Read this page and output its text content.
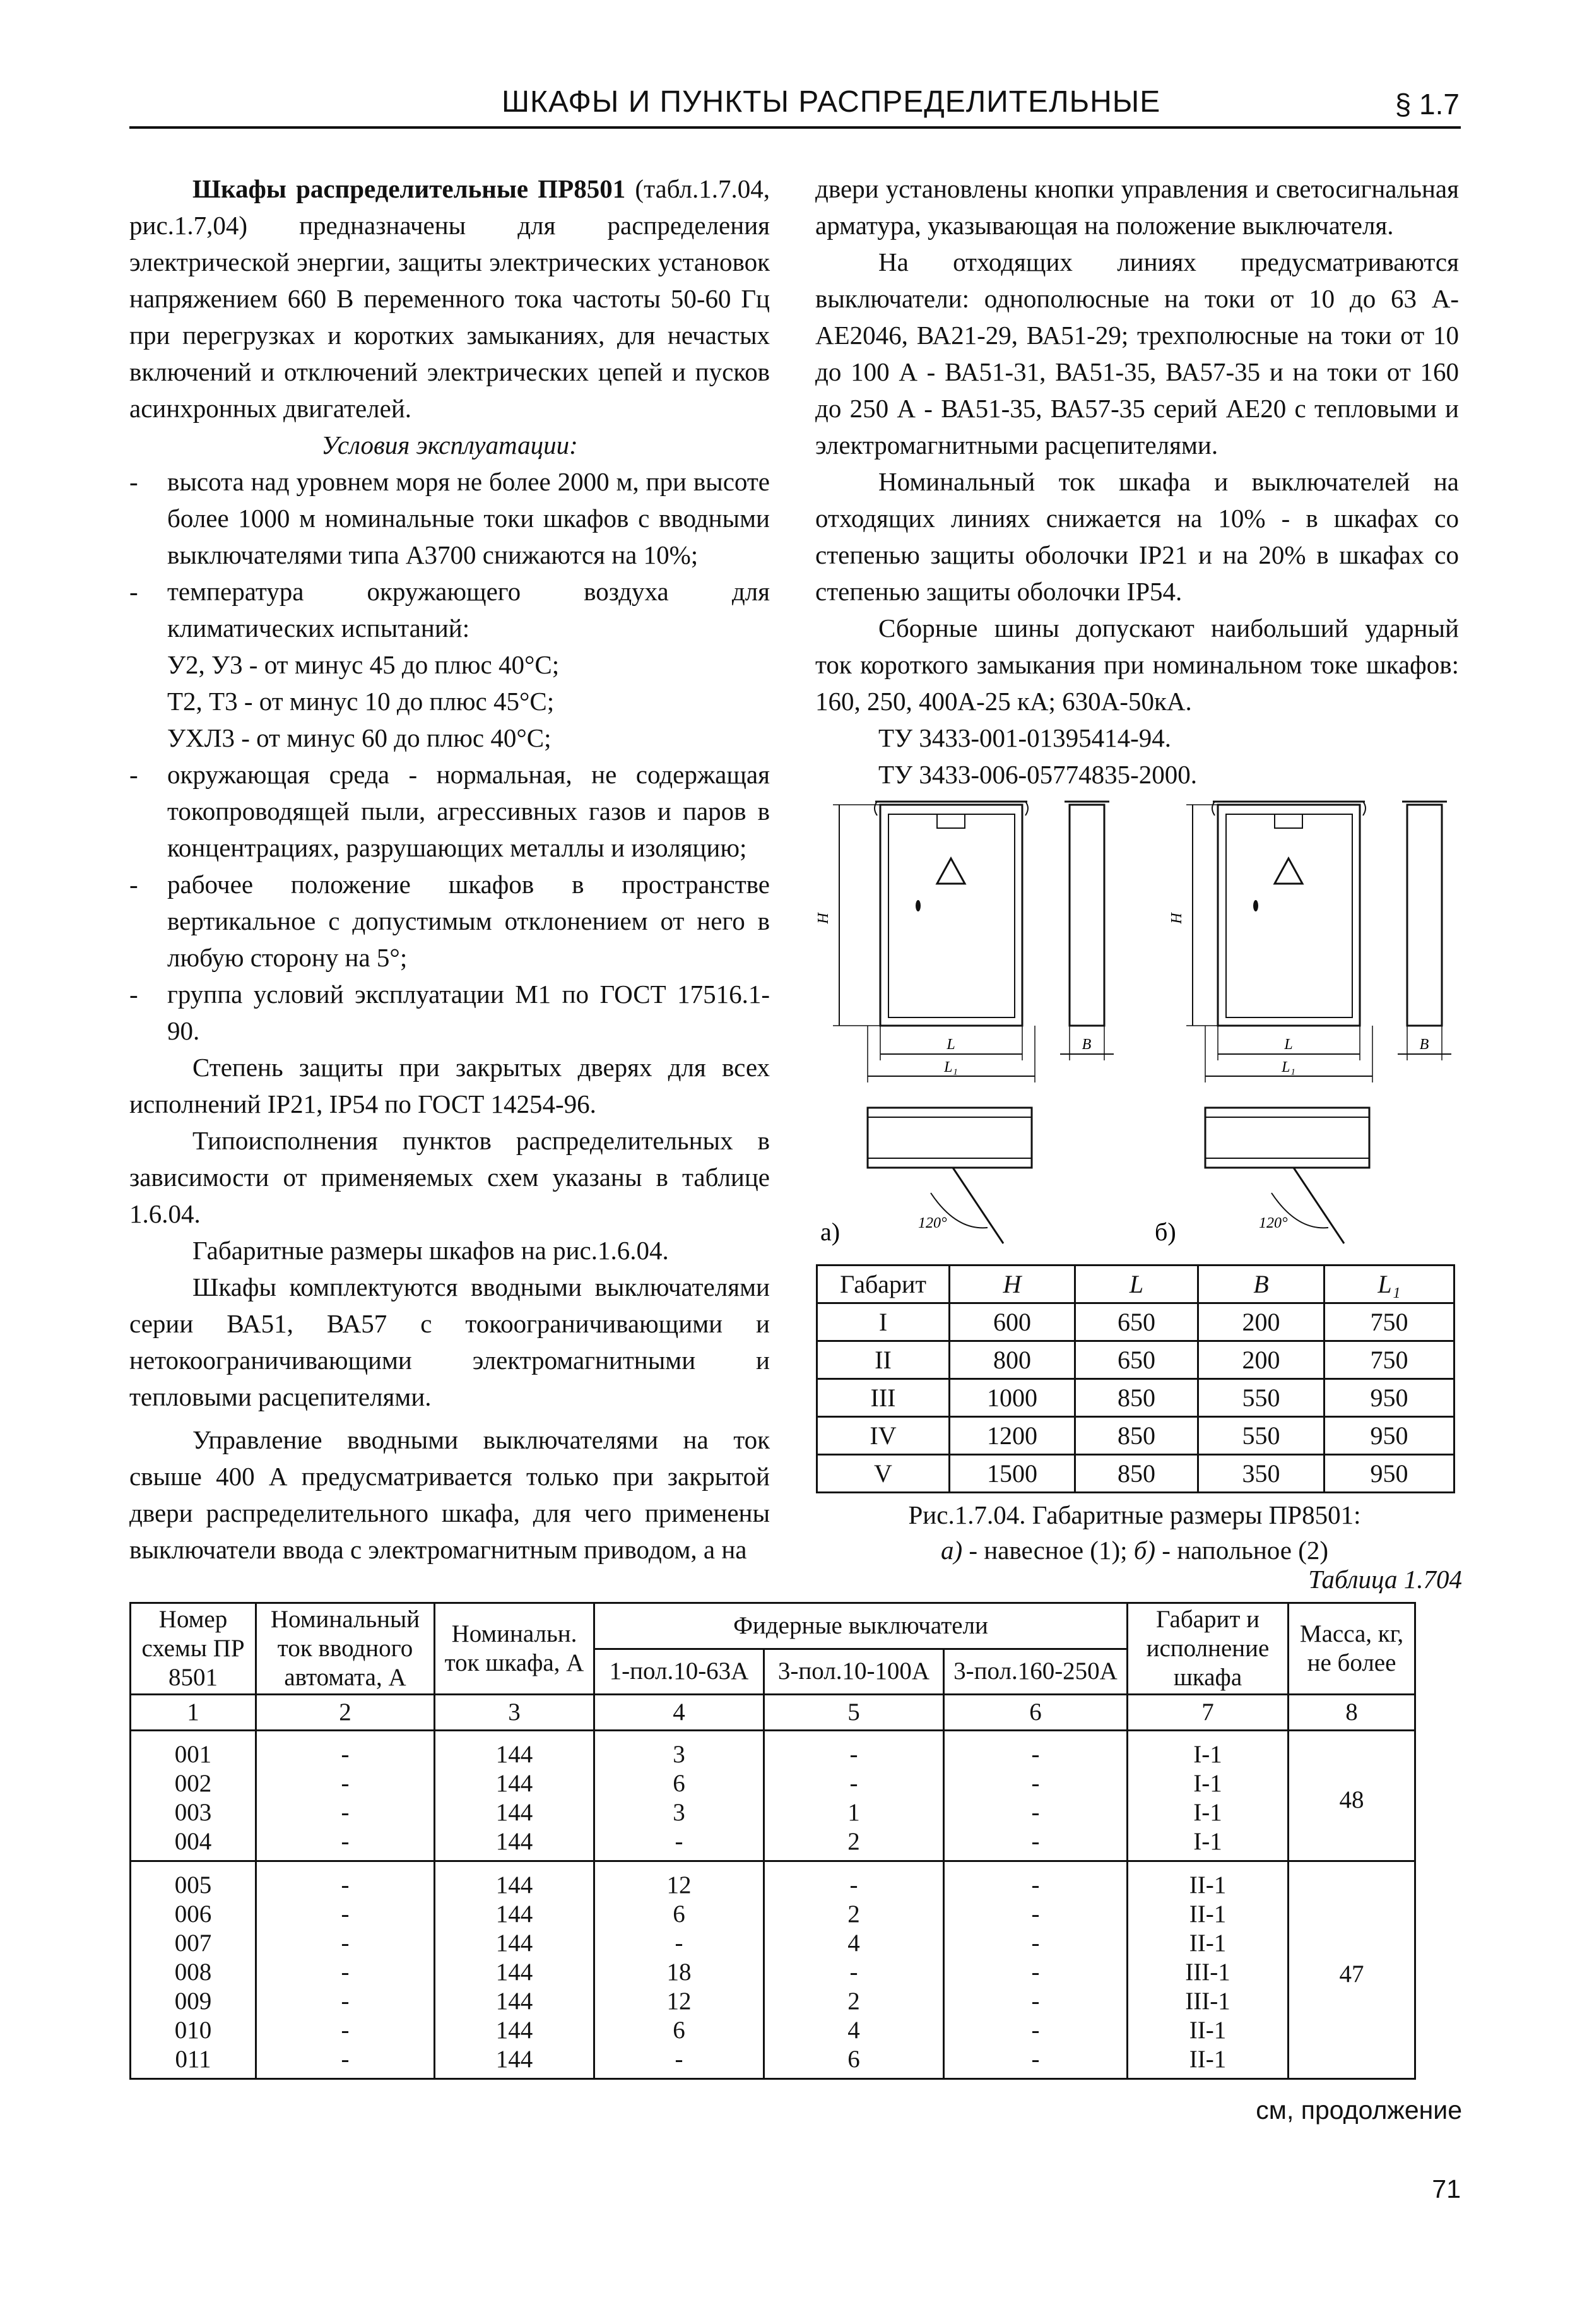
ШКАФЫ И ПУНКТЫ РАСПРЕДЕЛИТЕЛЬНЫЕ	§ 1.7

Шкафы распределительные ПР8501 (табл.1.7.04, рис.1.7,04) предназначены для распределения электрической энергии, защиты электрических установок напряжением 660 В переменного тока частоты 50-60 Гц при перегрузках и коротких замыканиях, для нечастых включений и отключений электрических цепей и пусков асинхронных двигателей.

Условия эксплуатации:

- высота над уровнем моря не более 2000 м, при высоте более 1000 м номинальные токи шкафов с вводными выключателями типа А3700 снижаются на 10%;

- температура окружающего воздуха для климатических испытаний:

У2, У3 - от минус 45 до плюс 40°С;

Т2, Т3 - от минус 10 до плюс 45°С;

УХЛ3 - от минус 60 до плюс 40°С;

- окружающая среда - нормальная, не содержащая токопроводящей пыли, агрессивных газов и паров в концентрациях, разрушающих металлы и изоляцию;

- рабочее положение шкафов в пространстве вертикальное с допустимым отклонением от него в любую сторону на 5°;

- группа условий эксплуатации М1 по ГОСТ 17516.1-90.

Степень защиты при закрытых дверях для всех исполнений IP21, IP54 по ГОСТ 14254-96.

Типоисполнения пунктов распределительных в зависимости от применяемых схем указаны в таблице 1.6.04.

Габаритные размеры шкафов на рис.1.6.04.

Шкафы комплектуются вводными выключателями серии ВА51, ВА57 с токоограничивающими и нетокоограничивающими электромагнитными и тепловыми расцепителями.

Управление вводными выключателями на ток свыше 400 А предусматривается только при закрытой двери распределительного шкафа, для чего применены выключатели ввода с электромагнитным приводом, а на

двери установлены кнопки управления и светосигнальная арматура, указывающая на положение выключателя.

На отходящих линиях предусматриваются выключатели: однополюсные на токи от 10 до 63 А-АЕ2046, ВА21-29, ВА51-29; трехполюсные на токи от 10 до 100 А - ВА51-31, ВА51-35, ВА57-35 и на токи от 160 до 250 А - ВА51-35, ВА57-35 серий АЕ20 с тепловыми и электромагнитными расцепителями.

Номинальный ток шкафа и выключателей на отходящих линиях снижается на 10% - в шкафах со степенью защиты оболочки IP21 и на 20% в шкафах со степенью защиты оболочки IP54.

Сборные шины допускают наибольший ударный ток короткого замыкания при номинальном токе шкафов: 160, 250, 400А-25 кА; 630А-50кА.

ТУ 3433-001-01395414-94.

ТУ 3433-006-05774835-2000.

H	H
L
L₁
B	L
L₁
B
120°	120°
а)	б)
Габарит	H	L	B	L₁
I	600	650	200	750
II	800	650	200	750
III	1000	850	550	950
IV	1200	850	550	950
V	1500	850	350	950
Рис.1.7.04. Габаритные размеры ПР8501:
а) - навесное (1); б) - напольное (2)
Таблица 1.704
Номер схемы ПР 8501	Номинальный ток вводного автомата, А	Номинальн. ток шкафа, А	Фидерные выключатели			Габарит и исполнение шкафа	Масса, кг, не более
			1-пол.10-63А	3-пол.10-100А	3-пол.160-250А		
1	2	3	4	5	6	7	8
001	-	144	3	-	-	I-1	48
002	-	144	6	-	-	I-1	
003	-	144	3	1	-	I-1	
004	-	144	-	2	-	I-1	
005	-	144	12	-	-	II-1	47
006	-	144	6	2	-	II-1	
007	-	144	-	4	-	II-1	
008	-	144	18	-	-	III-1	
009	-	144	12	2	-	III-1	
010	-	144	6	4	-	II-1	
011	-	144	-	6	-	II-1	
см, продолжение
71
